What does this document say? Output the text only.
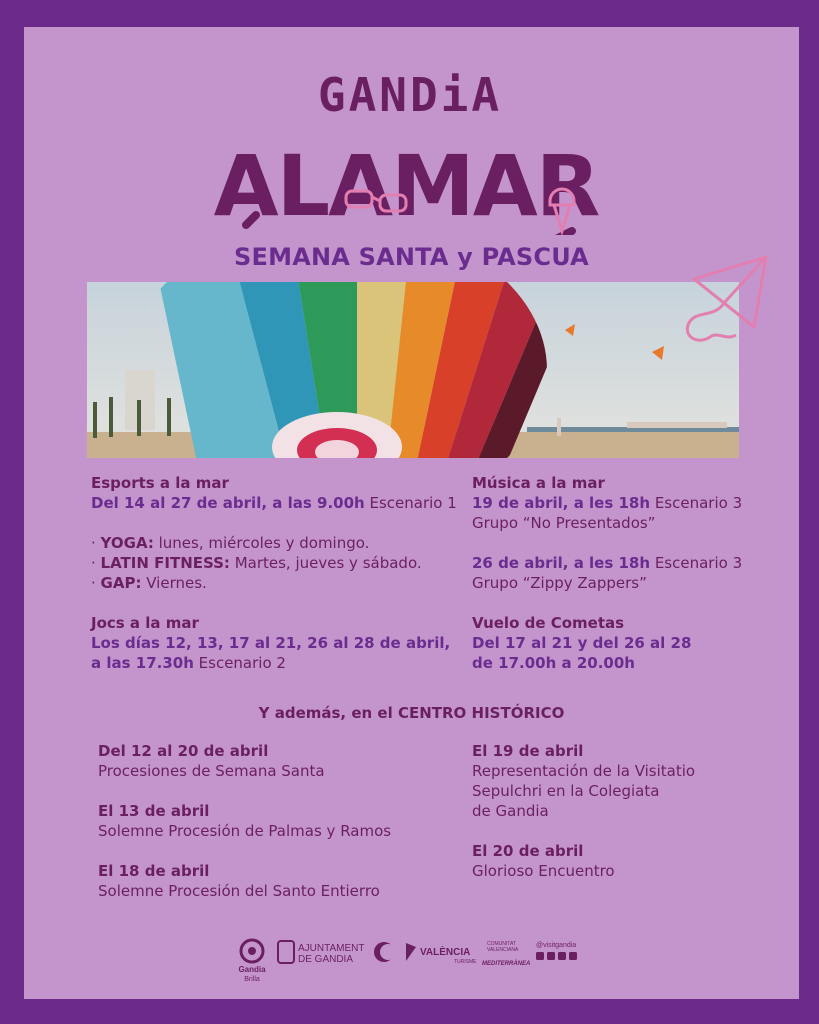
GANDiA
ALAMAR
SEMANA SANTA y PASCUA
Esports a la mar
Del 14 al 27 de abril, a las 9.00h Escenario 1
· YOGA: lunes, miércoles y domingo.
· LATIN FITNESS: Martes, jueves y sábado.
· GAP: Viernes.
Jocs a la mar
Los días 12, 13, 17 al 21, 26 al 28 de abril,
a las 17.30h Escenario 2
Música a la mar
19 de abril, a les 18h Escenario 3
Grupo “No Presentados”
26 de abril, a les 18h Escenario 3
Grupo “Zippy Zappers”
Vuelo de Cometas
Del 17 al 21 y del 26 al 28
de 17.00h a 20.00h
Y además, en el CENTRO HISTÓRICO
Del 12 al 20 de abril
Procesiones de Semana Santa
El 13 de abril
Solemne Procesión de Palmas y Ramos
El 18 de abril
Solemne Procesión del Santo Entierro
El 19 de abril
Representación de la Visitatio
Sepulchri en la Colegiata
de Gandia
El 20 de abril
Glorioso Encuentro
Gandia
Brilla
AJUNTAMENT
DE GANDIA
VALÈNCIA
TURISME
COMUNITAT
VALENCIANA
MEDITERRÀNEA
@visitgandia
